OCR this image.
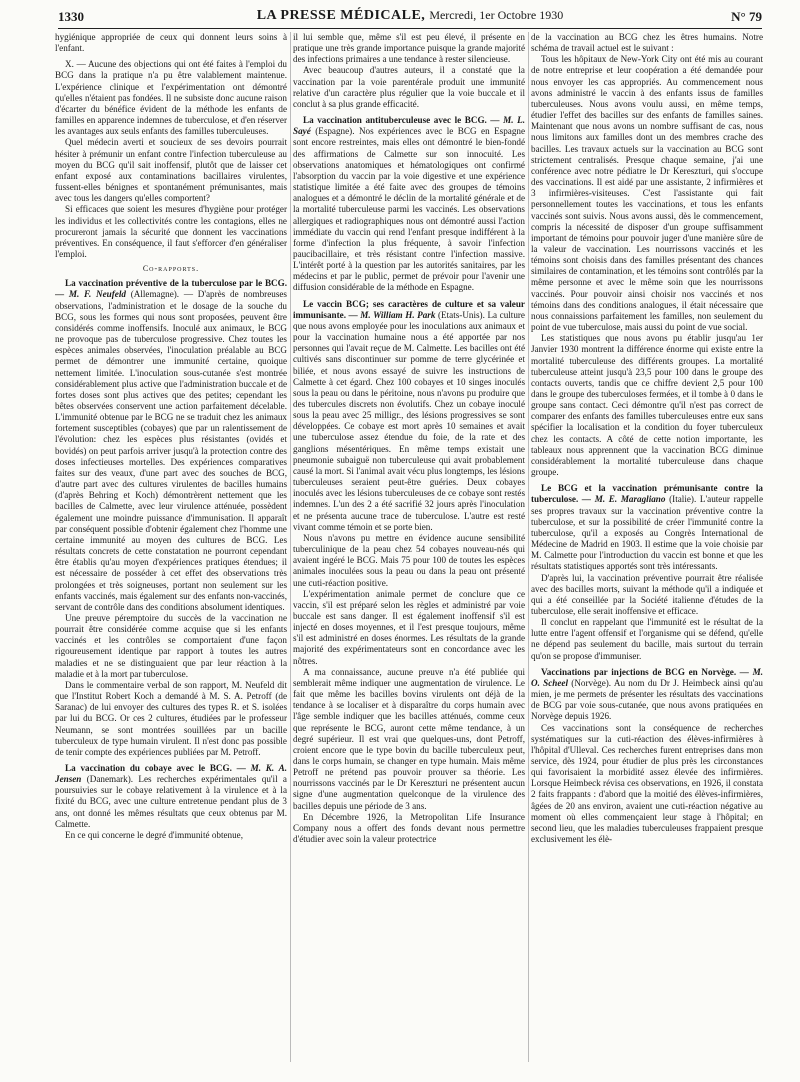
1330	LA PRESSE MÉDICALE, Mercredi, 1er Octobre 1930	N° 79

hygiénique appropriée de ceux qui donnent leurs soins à l'enfant.

X. — Aucune des objections qui ont été faites à l'emploi du BCG dans la pratique n'a pu être valablement maintenue. L'expérience clinique et l'expérimentation ont démontré qu'elles n'étaient pas fondées. Il ne subsiste donc aucune raison d'écarter du bénéfice évident de la méthode les enfants de familles en apparence indemnes de tuberculose, et d'en réserver les avantages aux seuls enfants des familles tuberculeuses.

Quel médecin averti et soucieux de ses devoirs pourrait hésiter à prémunir un enfant contre l'infection tuberculeuse au moyen du BCG qu'il sait inoffensif, plutôt que de laisser cet enfant exposé aux contaminations bacillaires virulentes, fussent-elles bénignes et spontanément prémunisantes, mais avec tous les dangers qu'elles comportent?

Si efficaces que soient les mesures d'hygiène pour protéger les individus et les collectivités contre les contagions, elles ne procureront jamais la sécurité que donnent les vaccinations préventives. En conséquence, il faut s'efforcer d'en généraliser l'emploi.

Co-rapports.

La vaccination préventive de la tuberculose par le BCG. — M. F. Neufeld (Allemagne). — D'après de nombreuses observations, l'administration et le dosage de la souche du BCG, sous les formes qui nous sont proposées, peuvent être considérés comme inoffensifs. Inoculé aux animaux, le BCG ne provoque pas de tuberculose progressive. Chez toutes les espèces animales observées, l'inoculation préalable au BCG permet de démontrer une immunité certaine, quoique nettement limitée. L'inoculation sous-cutanée s'est montrée considérablement plus active que l'administration buccale et de fortes doses sont plus actives que des petites; cependant les bêtes observées conservent une action parfaitement décelable. L'immunité obtenue par le BCG ne se traduit chez les animaux fortement susceptibles (cobayes) que par un ralentissement de l'évolution: chez les espèces plus résistantes (ovidés et bovidés) on peut parfois arriver jusqu'à la protection contre des doses infectieuses mortelles. Des expériences comparatives faites sur des veaux, d'une part avec des souches de BCG, d'autre part avec des cultures virulentes de bacilles humains (d'après Behring et Koch) démontrèrent nettement que les bacilles de Calmette, avec leur virulence atténuée, possèdent également une moindre puissance d'immunisation. Il apparaît par conséquent possible d'obtenir également chez l'homme une certaine immunité au moyen des cultures de BCG. Les résultats concrets de cette constatation ne pourront cependant être établis qu'au moyen d'expériences pratiques étendues; il est nécessaire de posséder à cet effet des observations très prolongées et très soigneuses, portant non seulement sur les enfants vaccinés, mais également sur des enfants non-vaccinés, servant de contrôle dans des conditions absolument identiques.

Une preuve péremptoire du succès de la vaccination ne pourrait être considérée comme acquise que si les enfants vaccinés et les contrôles se comportaient d'une façon rigoureusement identique par rapport à toutes les autres maladies et ne se distinguaient que par leur réaction à la maladie et à la mort par tuberculose.

Dans le commentaire verbal de son rapport, M. Neufeld dit que l'Institut Robert Koch a demandé à M. S. A. Petroff (de Saranac) de lui envoyer des cultures des types R. et S. isolées par lui du BCG. Or ces 2 cultures, étudiées par le professeur Neumann, se sont montrées souillées par un bacille tuberculeux de type humain virulent. Il n'est donc pas possible de tenir compte des expériences publiées par M. Petroff.

La vaccination du cobaye avec le BCG. — M. K. A. Jensen (Danemark). Les recherches expérimentales qu'il a poursuivies sur le cobaye relativement à la virulence et à la fixité du BCG, avec une culture entretenue pendant plus de 3 ans, ont donné les mêmes résultats que ceux obtenus par M. Calmette.

En ce qui concerne le degré d'immunité obtenue,

il lui semble que, même s'il est peu élevé, il présente en pratique une très grande importance puisque la grande majorité des infections primaires a une tendance à rester silencieuse.

Avec beaucoup d'autres auteurs, il a constaté que la vaccination par la voie parentérale produit une immunité relative d'un caractère plus régulier que la voie buccale et il conclut à sa plus grande efficacité.

La vaccination antituberculeuse avec le BCG. — M. L. Sayé (Espagne). Nos expériences avec le BCG en Espagne sont encore restreintes, mais elles ont démontré le bien-fondé des affirmations de Calmette sur son innocuité. Les observations anatomiques et hématologiques ont confirmé l'absorption du vaccin par la voie digestive et une expérience statistique limitée a été faite avec des groupes de témoins analogues et a démontré le déclin de la mortalité générale et de la mortalité tuberculeuse parmi les vaccinés. Les observations allergiques et radiographiques nous ont démontré aussi l'action immédiate du vaccin qui rend l'enfant presque indifférent à la forme d'infection la plus fréquente, à savoir l'infection paucibacillaire, et très résistant contre l'infection massive. L'intérêt porté à la question par les autorités sanitaires, par les médecins et par le public, permet de prévoir pour l'avenir une diffusion considérable de la méthode en Espagne.

Le vaccin BCG; ses caractères de culture et sa valeur immunisante. — M. William H. Park (Etats-Unis). La culture que nous avons employée pour les inoculations aux animaux et pour la vaccination humaine nous a été apportée par nos personnes qui l'avait reçue de M. Calmette. Les bacilles ont été cultivés sans discontinuer sur pomme de terre glycérinée et biliée, et nous avons essayé de suivre les instructions de Calmette à cet égard. Chez 100 cobayes et 10 singes inoculés sous la peau ou dans le péritoine, nous n'avons pu produire que des tubercules discrets non évolutifs. Chez un cobaye inoculé sous la peau avec 25 milligr., des lésions progressives se sont développées. Ce cobaye est mort après 10 semaines et avait une tuberculose assez étendue du foie, de la rate et des ganglions mésentériques. En même temps existait une pneumonie subaiguë non tuberculeuse qui avait probablement causé la mort. Si l'animal avait vécu plus longtemps, les lésions tuberculeuses seraient peut-être guéries. Deux cobayes inoculés avec les lésions tuberculeuses de ce cobaye sont restés indemnes. L'un des 2 a été sacrifié 32 jours après l'inoculation et ne présenta aucune trace de tuberculose. L'autre est resté vivant comme témoin et se porte bien.

Nous n'avons pu mettre en évidence aucune sensibilité tuberculinique de la peau chez 54 cobayes nouveau-nés qui avaient ingéré le BCG. Mais 75 pour 100 de toutes les espèces animales inoculées sous la peau ou dans la peau ont présenté une cuti-réaction positive.

L'expérimentation animale permet de conclure que ce vaccin, s'il est préparé selon les règles et administré par voie buccale est sans danger. Il est également inoffensif s'il est injecté en doses moyennes, et il l'est presque toujours, même s'il est administré en doses énormes. Les résultats de la grande majorité des expérimentateurs sont en concordance avec les nôtres.

A ma connaissance, aucune preuve n'a été publiée qui semblerait même indiquer une augmentation de virulence. Le fait que même les bacilles bovins virulents ont déjà de la tendance à se localiser et à disparaître du corps humain avec l'âge semble indiquer que les bacilles atténués, comme ceux que représente le BCG, auront cette même tendance, à un degré supérieur. Il est vrai que quelques-uns, dont Petroff, croient encore que le type bovin du bacille tuberculeux peut, dans le corps humain, se changer en type humain. Mais même Petroff ne prétend pas pouvoir prouver sa théorie. Les nourrissons vaccinés par le Dr Kereszturi ne présentent aucun signe d'une augmentation quelconque de la virulence des bacilles depuis une période de 3 ans.

En Décembre 1926, la Metropolitan Life Insurance Company nous a offert des fonds devant nous permettre d'étudier avec soin la valeur protectrice

de la vaccination au BCG chez les êtres humains. Notre schéma de travail actuel est le suivant :

Tous les hôpitaux de New-York City ont été mis au courant de notre entreprise et leur coopération a été demandée pour nous envoyer les cas appropriés. Au commencement nous avons administré le vaccin à des enfants issus de familles tuberculeuses. Nous avons voulu aussi, en même temps, étudier l'effet des bacilles sur des enfants de familles saines. Maintenant que nous avons un nombre suffisant de cas, nous nous limitons aux familles dont un des membres crache des bacilles. Les travaux actuels sur la vaccination au BCG sont strictement centralisés. Presque chaque semaine, j'ai une conférence avec notre pédiatre le Dr Kereszturi, qui s'occupe des vaccinations. Il est aidé par une assistante, 2 infirmières et 3 infirmières-visiteuses. C'est l'assistante qui fait personnellement toutes les vaccinations, et tous les enfants vaccinés sont suivis. Nous avons aussi, dès le commencement, compris la nécessité de disposer d'un groupe suffisamment important de témoins pour pouvoir juger d'une manière sûre de la valeur de vaccination. Les nourrissons vaccinés et les témoins sont choisis dans des familles présentant des chances similaires de contamination, et les témoins sont contrôlés par la même personne et avec le même soin que les nourrissons vaccinés. Pour pouvoir ainsi choisir nos vaccinés et nos témoins dans des conditions analogues, il était nécessaire que nous connaissions parfaitement les familles, non seulement du point de vue tuberculose, mais aussi du point de vue social.

Les statistiques que nous avons pu établir jusqu'au 1er Janvier 1930 montrent la différence énorme qui existe entre la mortalité tuberculeuse des différents groupes. La mortalité tuberculeuse atteint jusqu'à 23,5 pour 100 dans le groupe des contacts ouverts, tandis que ce chiffre devient 2,5 pour 100 dans le groupe des tuberculoses fermées, et il tombe à 0 dans le groupe sans contact. Ceci démontre qu'il n'est pas correct de comparer des enfants des familles tuberculeuses entre eux sans spécifier la localisation et la condition du foyer tuberculeux chez les contacts. A côté de cette notion importante, les tableaux nous apprennent que la vaccination BCG diminue considérablement la mortalité tuberculeuse dans chaque groupe.

Le BCG et la vaccination prémunisante contre la tuberculose. — M. E. Maragliano (Italie). L'auteur rappelle ses propres travaux sur la vaccination préventive contre la tuberculose, et sur la possibilité de créer l'immunité contre la tuberculose, qu'il a exposés au Congrès International de Médecine de Madrid en 1903. Il estime que la voie choisie par M. Calmette pour l'introduction du vaccin est bonne et que les résultats statistiques apportés sont très intéressants.

D'après lui, la vaccination préventive pourrait être réalisée avec des bacilles morts, suivant la méthode qu'il a indiquée et qui a été conseillée par la Société italienne d'études de la tuberculose, elle serait inoffensive et efficace.

Il conclut en rappelant que l'immunité est le résultat de la lutte entre l'agent offensif et l'organisme qui se défend, qu'elle ne dépend pas seulement du bacille, mais surtout du terrain qu'on se propose d'immuniser.

Vaccinations par injections de BCG en Norvège. — M. O. Scheel (Norvège). Au nom du Dr J. Heimbeck ainsi qu'au mien, je me permets de présenter les résultats des vaccinations de BCG par voie sous-cutanée, que nous avons pratiquées en Norvège depuis 1926.

Ces vaccinations sont la conséquence de recherches systématiques sur la cuti-réaction des élèves-infirmières à l'hôpital d'Ulleval. Ces recherches furent entreprises dans mon service, dès 1924, pour étudier de plus près les circonstances qui favorisaient la morbidité assez élevée des infirmières. Lorsque Heimbeck révisa ces observations, en 1926, il constata 2 faits frappants : d'abord que la moitié des élèves-infirmières, âgées de 20 ans environ, avaient une cuti-réaction négative au moment où elles commençaient leur stage à l'hôpital; en second lieu, que les maladies tuberculeuses frappaient presque exclusivement les élè-
